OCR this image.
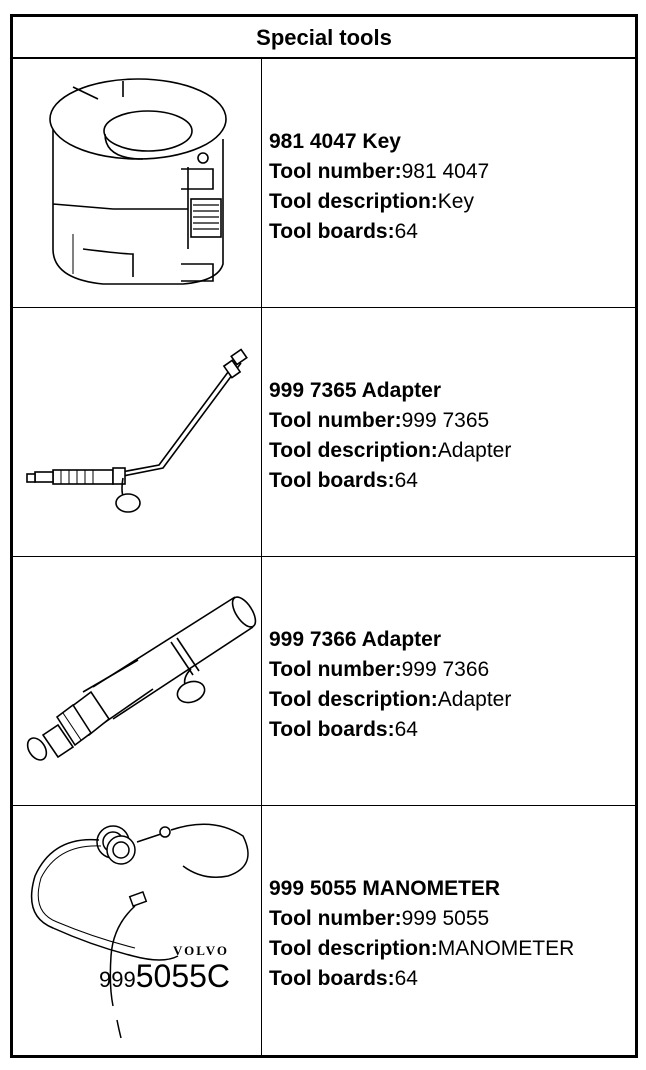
Special tools
981 4047 Key
Tool number:981 4047
Tool description:Key
Tool boards:64
999 7365 Adapter
Tool number:999 7365
Tool description:Adapter
Tool boards:64
999 7366 Adapter
Tool number:999 7366
Tool description:Adapter
Tool boards:64
VOLVO
9995055C
999 5055 MANOMETER
Tool number:999 5055
Tool description:MANOMETER
Tool boards:64
